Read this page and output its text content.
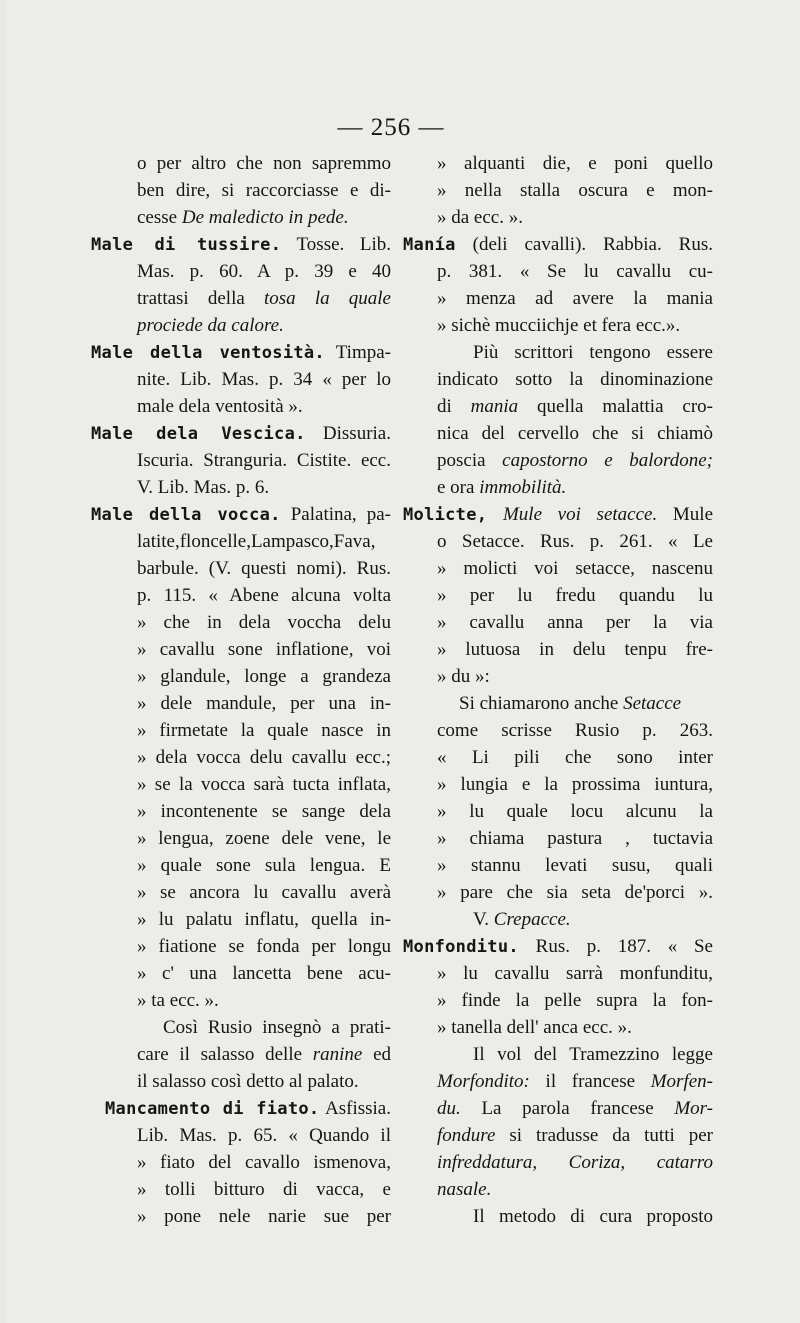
— 256 —
o per altro che non sapremmo
ben dire, si raccorciasse e di-
cesse De maledicto in pede.
Male di tussire. Tosse. Lib.
Mas. p. 60. A p. 39 e 40
trattasi della tosa la quale
prociede da calore.
Male della ventosità. Timpa-
nite. Lib. Mas. p. 34 « per lo
male dela ventosità ».
Male dela Vescica. Dissuria.
Iscuria. Stranguria. Cistite. ecc.
V. Lib. Mas. p. 6.
Male della vocca. Palatina, pa-
latite,floncelle,Lampasco,Fava,
barbule. (V. questi nomi). Rus.
p. 115. « Abene alcuna volta
» che in dela voccha delu
» cavallu sone inflatione, voi
» glandule, longe a grandeza
» dele mandule, per una in-
» firmetate la quale nasce in
» dela vocca delu cavallu ecc.;
» se la vocca sarà tucta inflata,
» incontenente se sange dela
» lengua, zoene dele vene, le
» quale sone sula lengua. E
» se ancora lu cavallu averà
» lu palatu inflatu, quella in-
» fiatione se fonda per longu
» c' una lancetta bene acu-
» ta ecc. ».
Così Rusio insegnò a prati-
care il salasso delle ranine ed
il salasso così detto al palato.
Mancamento di fiato. Asfissia.
Lib. Mas. p. 65. « Quando il
» fiato del cavallo ismenova,
» tolli bitturo di vacca, e
» pone nele narie sue per
» alquanti die, e poni quello
» nella stalla oscura e mon-
» da ecc. ».
Manía (deli cavalli). Rabbia. Rus.
p. 381. « Se lu cavallu cu-
» menza ad avere la mania
» sichè mucciichje et fera ecc.».
Più scrittori tengono essere
indicato sotto la dinominazione
di mania quella malattia cro-
nica del cervello che si chiamò
poscia capostorno e balordone;
e ora immobilità.
Molicte, Mule voi setacce. Mule
o Setacce. Rus. p. 261. « Le
» molicti voi setacce, nascenu
» per lu fredu quandu lu
» cavallu anna per la via
» lutuosa in delu tenpu fre-
» du »:
Si chiamarono anche Setacce
come scrisse Rusio p. 263.
« Li pili che sono inter
» lungia e la prossima iuntura,
» lu quale locu alcunu la
» chiama pastura , tuctavia
» stannu levati susu, quali
» pare che sia seta de'porci ».
V. Crepacce.
Monfonditu. Rus. p. 187. « Se
» lu cavallu sarrà monfunditu,
» finde la pelle supra la fon-
» tanella dell' anca ecc. ».
Il vol del Tramezzino legge
Morfondito: il francese Morfen-
du. La parola francese Mor-
fondure si tradusse da tutti per
infreddatura, Coriza, catarro
nasale.
Il metodo di cura proposto
